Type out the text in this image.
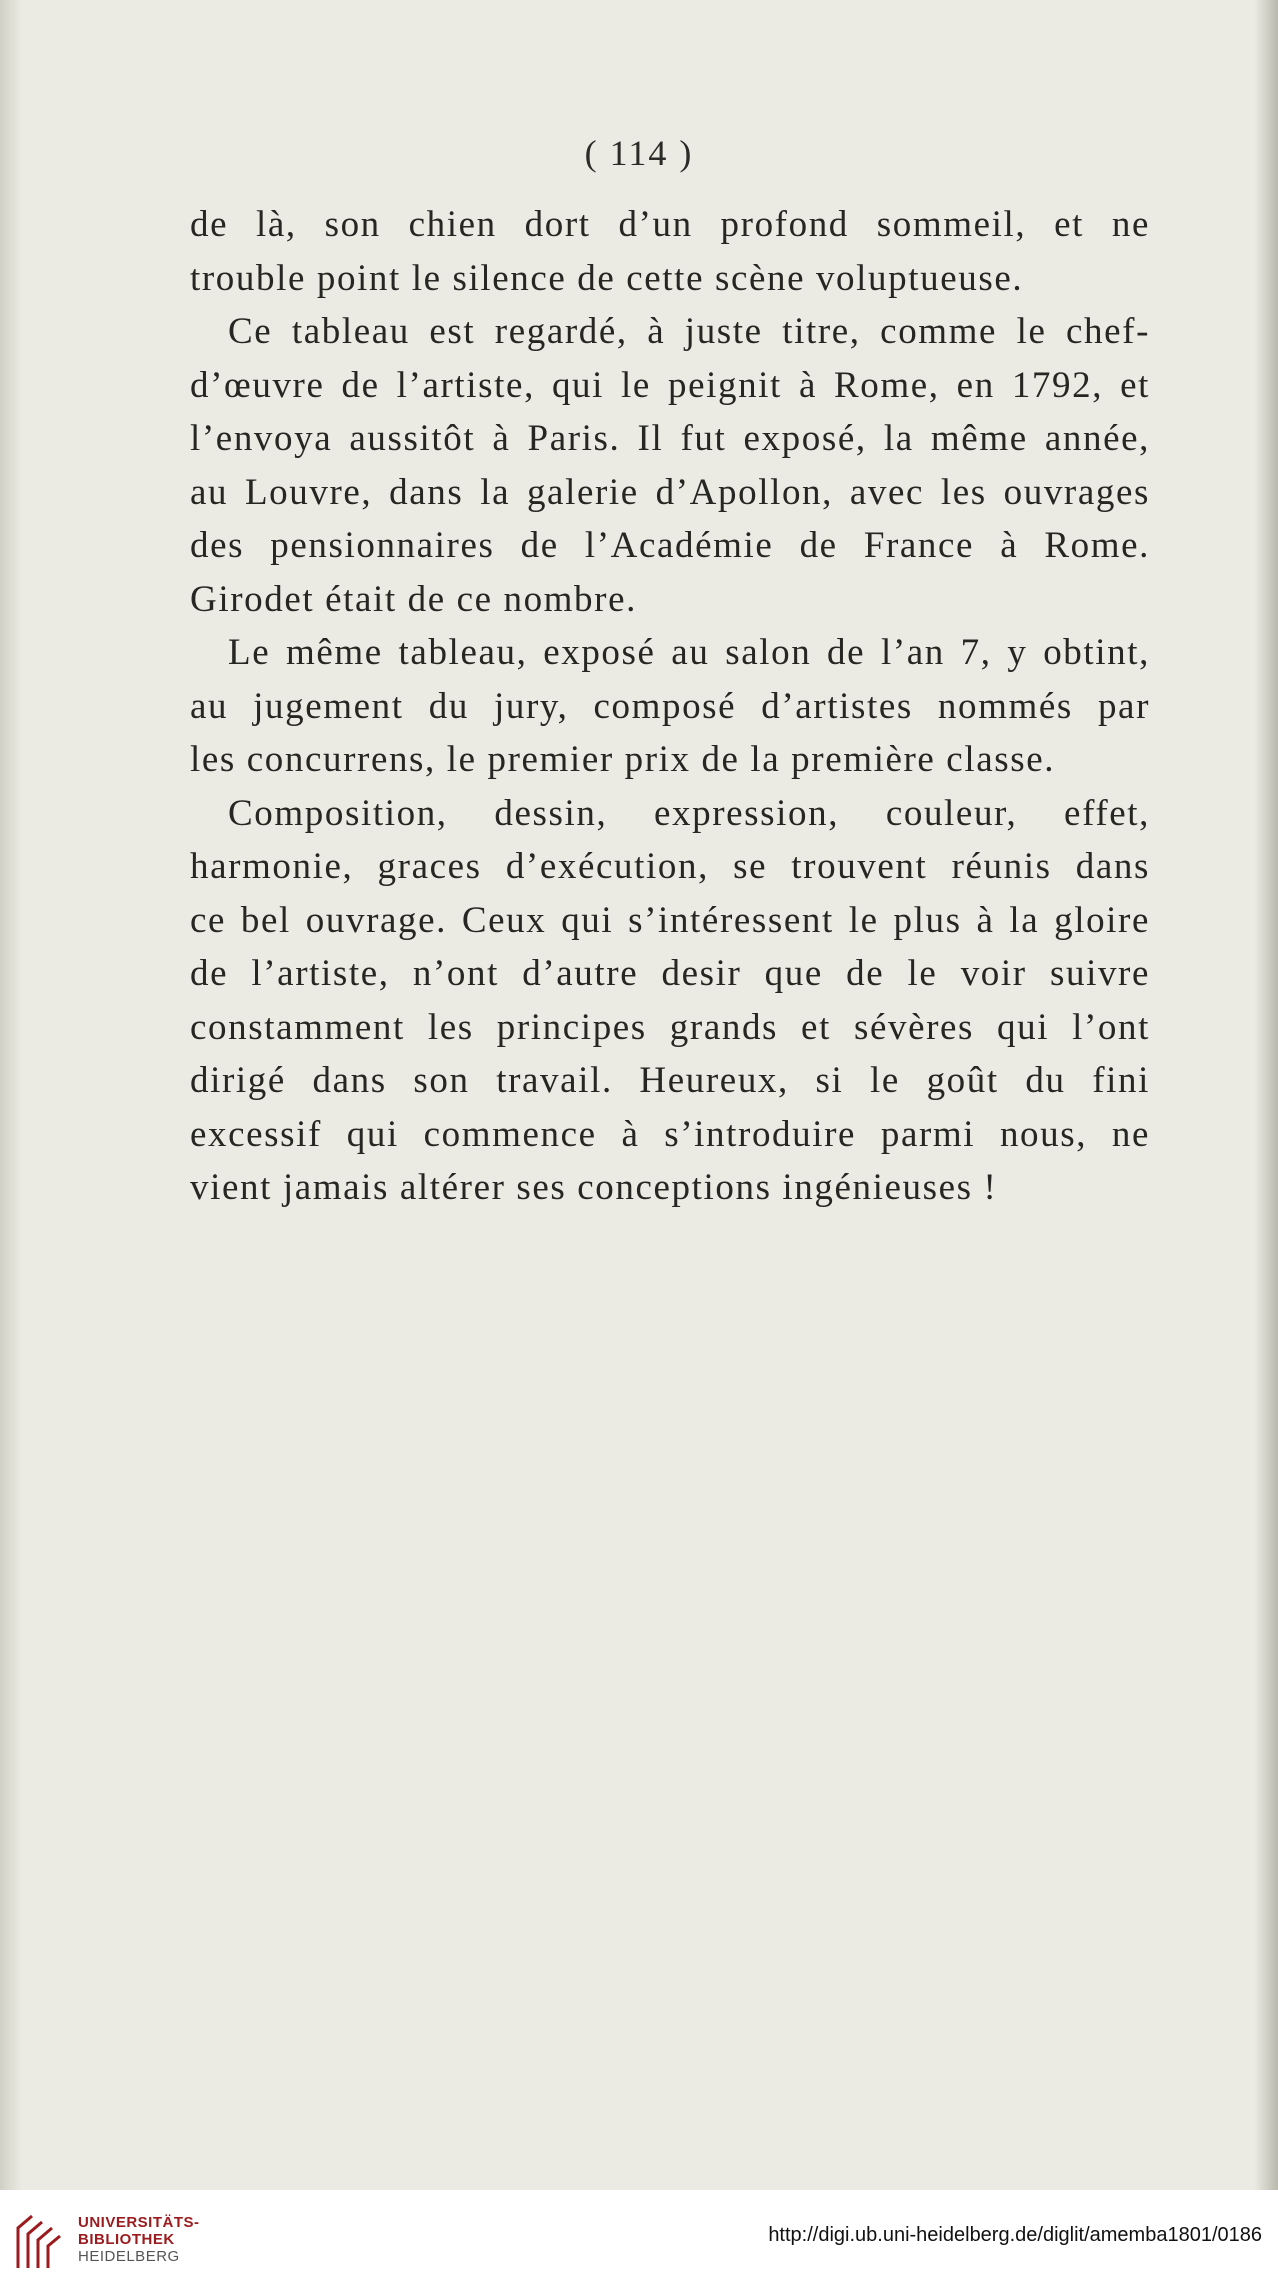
( 114 )
de là, son chien dort d’un profond sommeil, et ne
trouble point le silence de cette scène voluptueuse.
Ce tableau est regardé, à juste titre, comme le chef-
d’œuvre de l’artiste, qui le peignit à Rome, en 1792, et
l’envoya aussitôt à Paris. Il fut exposé, la même année,
au Louvre, dans la galerie d’Apollon, avec les ouvrages
des pensionnaires de l’Académie de France à Rome.
Girodet était de ce nombre.
Le même tableau, exposé au salon de l’an 7, y obtint,
au jugement du jury, composé d’artistes nommés par
les concurrens, le premier prix de la première classe.
Composition, dessin, expression, couleur, effet,
harmonie, graces d’exécution, se trouvent réunis dans
ce bel ouvrage. Ceux qui s’intéressent le plus à la gloire
de l’artiste, n’ont d’autre desir que de le voir suivre
constamment les principes grands et sévères qui l’ont
dirigé dans son travail. Heureux, si le goût du fini
excessif qui commence à s’introduire parmi nous, ne
vient jamais altérer ses conceptions ingénieuses !
UNIVERSITÄTS-
BIBLIOTHEK
HEIDELBERG
http://digi.ub.uni-heidelberg.de/diglit/amemba1801/0186
